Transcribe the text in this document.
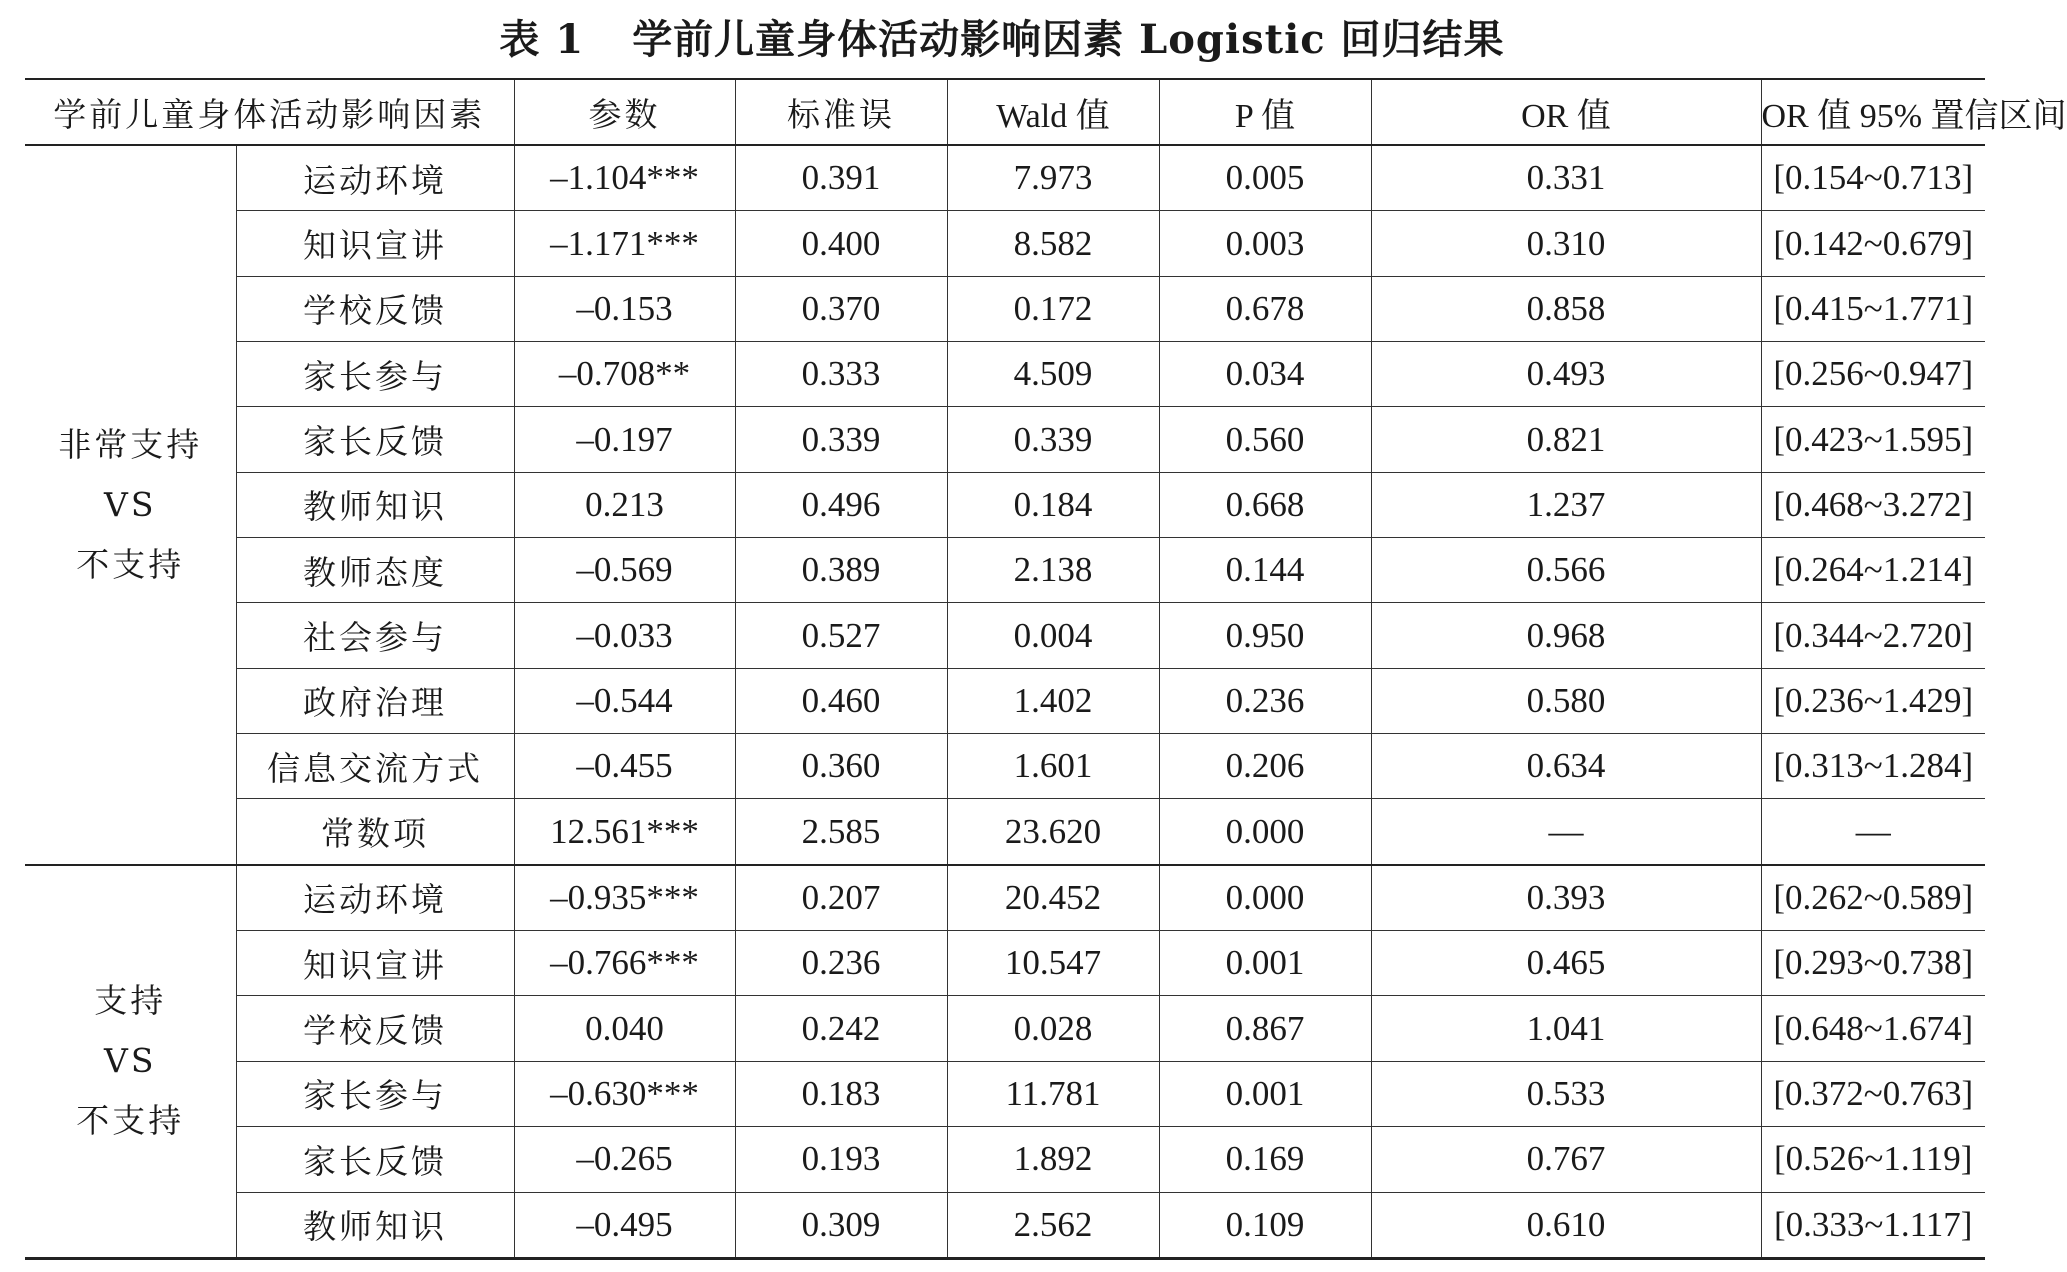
表 1 学前儿童身体活动影响因素 Logistic 回归结果
学前儿童身体活动影响因素		参数	标准误	Wald 值	P 值	OR 值	OR 值 95% 置信区间

非常支持
VS
不支持	运动环境	–1.104***	0.391	7.973	0.005	0.331	[0.154~0.713]
	知识宣讲	–1.171***	0.400	8.582	0.003	0.310	[0.142~0.679]
	学校反馈	–0.153	0.370	0.172	0.678	0.858	[0.415~1.771]
	家长参与	–0.708**	0.333	4.509	0.034	0.493	[0.256~0.947]
	家长反馈	–0.197	0.339	0.339	0.560	0.821	[0.423~1.595]
	教师知识	0.213	0.496	0.184	0.668	1.237	[0.468~3.272]
	教师态度	–0.569	0.389	2.138	0.144	0.566	[0.264~1.214]
	社会参与	–0.033	0.527	0.004	0.950	0.968	[0.344~2.720]
	政府治理	–0.544	0.460	1.402	0.236	0.580	[0.236~1.429]
	信息交流方式	–0.455	0.360	1.601	0.206	0.634	[0.313~1.284]
	常数项	12.561***	2.585	23.620	0.000	—	—

支持
VS
不支持	运动环境	–0.935***	0.207	20.452	0.000	0.393	[0.262~0.589]
	知识宣讲	–0.766***	0.236	10.547	0.001	0.465	[0.293~0.738]
	学校反馈	0.040	0.242	0.028	0.867	1.041	[0.648~1.674]
	家长参与	–0.630***	0.183	11.781	0.001	0.533	[0.372~0.763]
	家长反馈	–0.265	0.193	1.892	0.169	0.767	[0.526~1.119]
	教师知识	–0.495	0.309	2.562	0.109	0.610	[0.333~1.117]
